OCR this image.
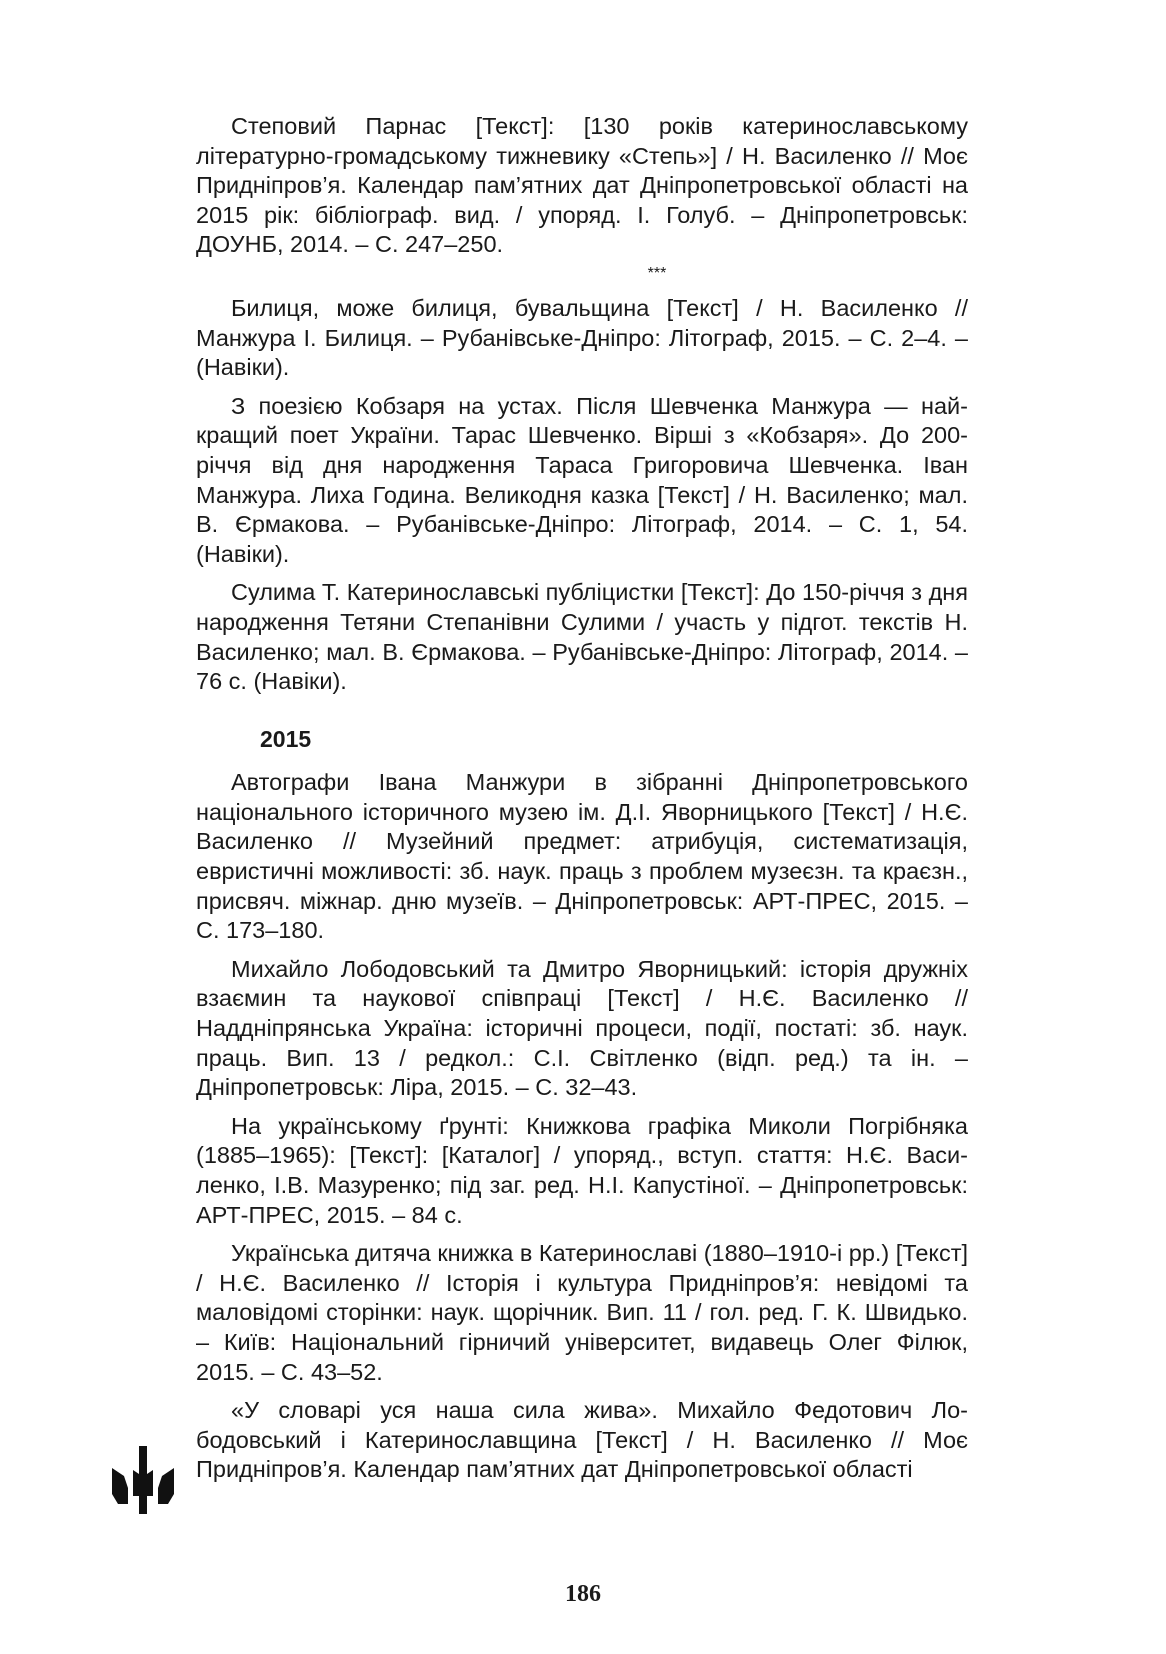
Степовий Парнас [Текст]: [130 років катеринославському літературно-громадському тижневику «Степь»] / Н. Василенко // Моє Придніпров’я. Календар пам’ятних дат Дніпропетровської області на 2015 рік: бібліограф. вид. / упоряд. І. Голуб. – Дніпропетровськ: ДОУНБ, 2014. – С. 247–250.

***

Билиця, може билиця, бувальщина [Текст] / Н. Василенко // Манжура І. Билиця. – Рубанівське-Дніпро: Літограф, 2015. – С. 2–4. – (Навіки).

З поезією Кобзаря на устах. Після Шевченка Манжура — найкращий поет України. Тарас Шевченко. Вірші з «Кобзаря». До 200-річчя від дня народження Тараса Григоровича Шевченка. Іван Манжура. Лиха Година. Великодня казка [Текст] / Н. Василенко; мал. В. Єрмакова. – Рубанівське-Дніпро: Літограф, 2014. – С. 1, 54. (Навіки).

Сулима Т. Катеринославські публіцистки [Текст]: До 150-річчя з дня народження Тетяни Степанівни Сулими / участь у підгот. текстів Н. Василенко; мал. В. Єрмакова. – Рубанівське-Дніпро: Літограф, 2014. – 76 с. (Навіки).

2015

Автографи Івана Манжури в зібранні Дніпропетровського національного історичного музею ім. Д.І. Яворницького [Текст] / Н.Є. Василенко // Музейний предмет: атрибуція, систематизація, евристичні можливості: зб. наук. праць з проблем музеєзн. та краєзн., присвяч. міжнар. дню музеїв. – Дніпропетровськ: АРТ-ПРЕС, 2015. – С. 173–180.

Михайло Лободовський та Дмитро Яворницький: історія дружніх взаємин та наукової співпраці [Текст] / Н.Є. Василенко // Наддніпрянська Україна: історичні процеси, події, постаті: зб. наук. праць. Вип. 13 / редкол.: С.І. Світленко (відп. ред.) та ін. – Дніпропетровськ: Ліра, 2015. – С. 32–43.

На українському ґрунті: Книжкова графіка Миколи Погрібняка (1885–1965): [Текст]: [Каталог] / упоряд., вступ. стаття: Н.Є. Василенко, І.В. Мазуренко; під заг. ред. Н.І. Капустіної. – Дніпропетровськ: АРТ-ПРЕС, 2015. – 84 с.

Українська дитяча книжка в Катеринославі (1880–1910-і рр.) [Текст] / Н.Є. Василенко // Історія і культура Придніпров’я: невідомі та маловідомі сторінки: наук. щорічник. Вип. 11 / гол. ред. Г. К. Швидько. – Київ: Національний гірничий університет, видавець Олег Філюк, 2015. – С. 43–52.

«У словарі уся наша сила жива». Михайло Федотович Лободовський і Катеринославщина [Текст] / Н. Василенко // Моє Придніпров’я. Календар пам’ятних дат Дніпропетровської області

186
